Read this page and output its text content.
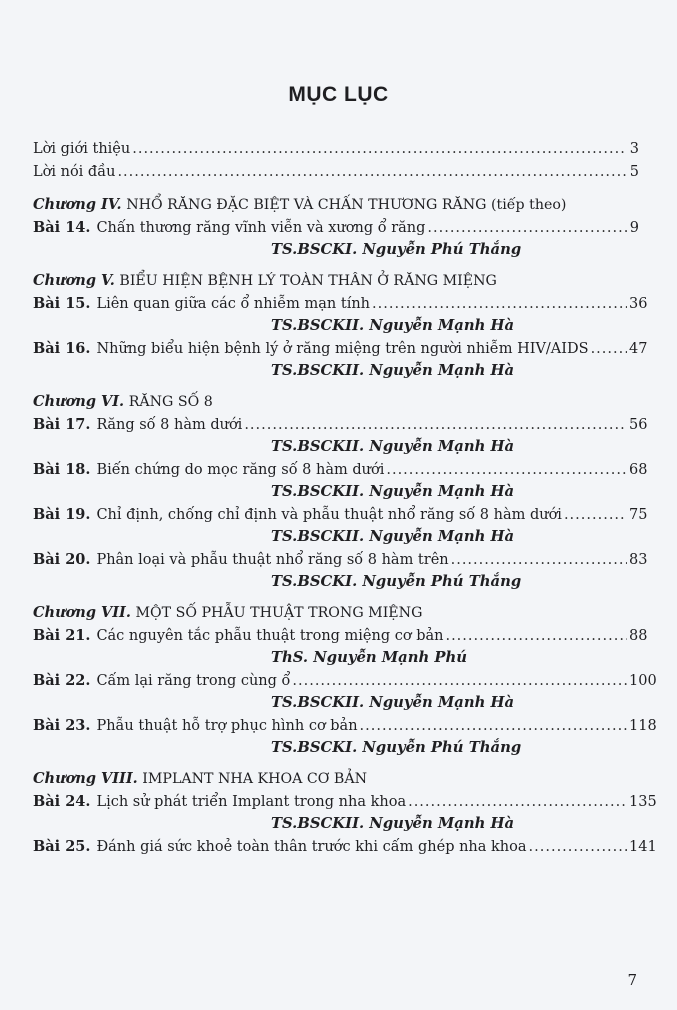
MỤC LỤC
Lời giới thiệu .....	3
Lời nói đầu .....	5
Chương IV. NHỔ RĂNG ĐẶC BIỆT VÀ CHẤN THƯƠNG RĂNG (tiếp theo)
Bài 14. Chấn thương răng vĩnh viễn và xương ổ răng .....	9
TS.BSCKI. Nguyễn Phú Thắng
Chương V. BIỂU HIỆN BỆNH LÝ TOÀN THÂN Ở RĂNG MIỆNG
Bài 15. Liên quan giữa các ổ nhiễm mạn tính .....	36
TS.BSCKII. Nguyễn Mạnh Hà
Bài 16. Những biểu hiện bệnh lý ở răng miệng trên người nhiễm HIV/AIDS .....	47
TS.BSCKII. Nguyễn Mạnh Hà
Chương VI. RĂNG SỐ 8
Bài 17. Răng số 8 hàm dưới .....	56
TS.BSCKII. Nguyễn Mạnh Hà
Bài 18. Biến chứng do mọc răng số 8 hàm dưới .....	68
TS.BSCKII. Nguyễn Mạnh Hà
Bài 19. Chỉ định, chống chỉ định và phẫu thuật nhổ răng số 8 hàm dưới .....	75
TS.BSCKII. Nguyễn Mạnh Hà
Bài 20. Phân loại và phẫu thuật nhổ răng số 8 hàm trên .....	83
TS.BSCKI. Nguyễn Phú Thắng
Chương VII. MỘT SỐ PHẪU THUẬT TRONG MIỆNG
Bài 21. Các nguyên tắc phẫu thuật trong miệng cơ bản .....	88
ThS. Nguyễn Mạnh Phú
Bài 22. Cấm lại răng trong cùng ổ .....	100
TS.BSCKII. Nguyễn Mạnh Hà
Bài 23. Phẫu thuật hỗ trợ phục hình cơ bản .....	118
TS.BSCKI. Nguyễn Phú Thắng
Chương VIII. IMPLANT NHA KHOA CƠ BẢN
Bài 24. Lịch sử phát triển Implant trong nha khoa .....	135
TS.BSCKII. Nguyễn Mạnh Hà
Bài 25. Đánh giá sức khoẻ toàn thân trước khi cấm ghép nha khoa .....	141
7
